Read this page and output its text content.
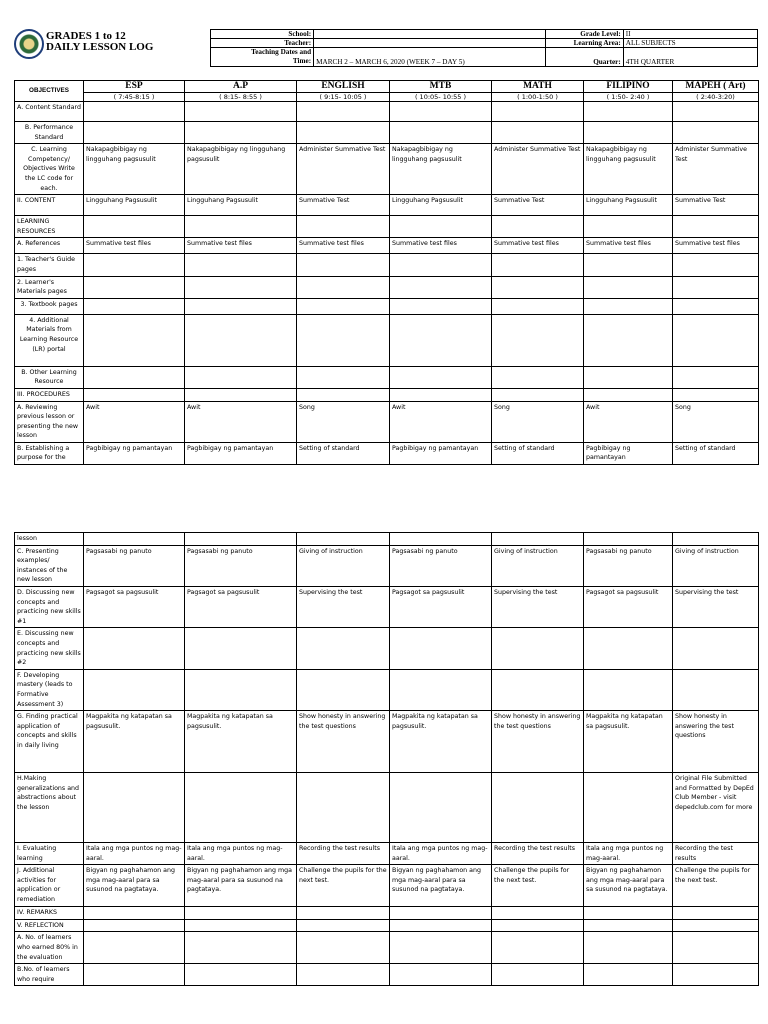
GRADES 1 to 12
DAILY LESSON LOG
School:		Grade Level:	II
Teacher:		Learning Area:	ALL SUBJECTS

Teaching Dates and
Time:	MARCH 2 – MARCH 6, 2020 (WEEK 7 – DAY 5)	Quarter:	4TH QUARTER
OBJECTIVES	ESP	A.P	ENGLISH	MTB	MATH	FILIPINO	MAPEH ( Art)
	( 7:45-8:15 )	( 8:15- 8:55 )	( 9:15- 10:05 )	( 10:05- 10:55 )	( 1:00-1:50 )	( 1:50- 2:40 )	( 2:40-3:20)
A. Content Standard							
B. Performance Standard							
C. Learning Competency/ Objectives Write the LC code for each.	Nakapagbibigay ng lingguhang pagsusulit	Nakapagbibigay ng lingguhang pagsusulit	Administer Summative Test	Nakapagbibigay ng lingguhang pagsusulit	Administer Summative Test	Nakapagbibigay ng lingguhang pagsusulit	Administer Summative Test
II. CONTENT	Lingguhang Pagsusulit	Lingguhang Pagsusulit	Summative Test	Lingguhang Pagsusulit	Summative Test	Lingguhang Pagsusulit	Summative Test
LEARNING RESOURCES							
A. References	Summative test files	Summative test files	Summative test files	Summative test files	Summative test files	Summative test files	Summative test files
1. Teacher's Guide pages							
2. Learner's Materials pages							
3. Textbook pages							
4. Additional Materials from Learning Resource (LR) portal							
B. Other Learning Resource							
III. PROCEDURES							
A. Reviewing previous lesson or presenting the new lesson	Awit	Awit	Song	Awit	Song	Awit	Song
B. Establishing a purpose for the	Pagbibigay ng pamantayan	Pagbibigay ng pamantayan	Setting of standard	Pagbibigay ng pamantayan	Setting of standard	Pagbibigay ng pamantayan	Setting of standard
lesson							
C. Presenting examples/ instances of the new lesson	Pagsasabi ng panuto	Pagsasabi ng panuto	Giving of instruction	Pagsasabi ng panuto	Giving of instruction	Pagsasabi ng panuto	Giving of instruction
D. Discussing new concepts and practicing new skills #1	Pagsagot sa pagsusulit	Pagsagot sa pagsusulit	Supervising the test	Pagsagot sa pagsusulit	Supervising the test	Pagsagot sa pagsusulit	Supervising the test
E. Discussing new concepts and practicing new skills #2							
F. Developing mastery (leads to Formative Assessment 3)							
G. Finding practical application of concepts and skills in daily living	Magpakita ng katapatan sa pagsusulit.	Magpakita ng katapatan sa pagsusulit.	Show honesty in answering the test questions	Magpakita ng katapatan sa pagsusulit.	Show honesty in answering the test questions	Magpakita ng katapatan sa pagsusulit.	Show honesty in answering the test questions
H.Making generalizations and abstractions about the lesson							Original File Submitted and Formatted by DepEd Club Member - visit depedclub.com for more
I. Evaluating learning	Itala ang mga puntos ng mag-aaral.	Itala ang mga puntos ng mag-aaral.	Recording the test results	Itala ang mga puntos ng mag-aaral.	Recording the test results	Itala ang mga puntos ng mag-aaral.	Recording the test results
J. Additional activities for application or remediation	Bigyan ng paghahamon ang mga mag-aaral para sa susunod na pagtataya.	Bigyan ng paghahamon ang mga mag-aaral para sa susunod na pagtataya.	Challenge the pupils for the next test.	Bigyan ng paghahamon ang mga mag-aaral para sa susunod na pagtataya.	Challenge the pupils for the next test.	Bigyan ng paghahamon ang mga mag-aaral para sa susunod na pagtataya.	Challenge the pupils for the next test.
IV. REMARKS							
V. REFLECTION							
A. No. of learners who earned 80% in the evaluation							
B.No. of learners who require							
